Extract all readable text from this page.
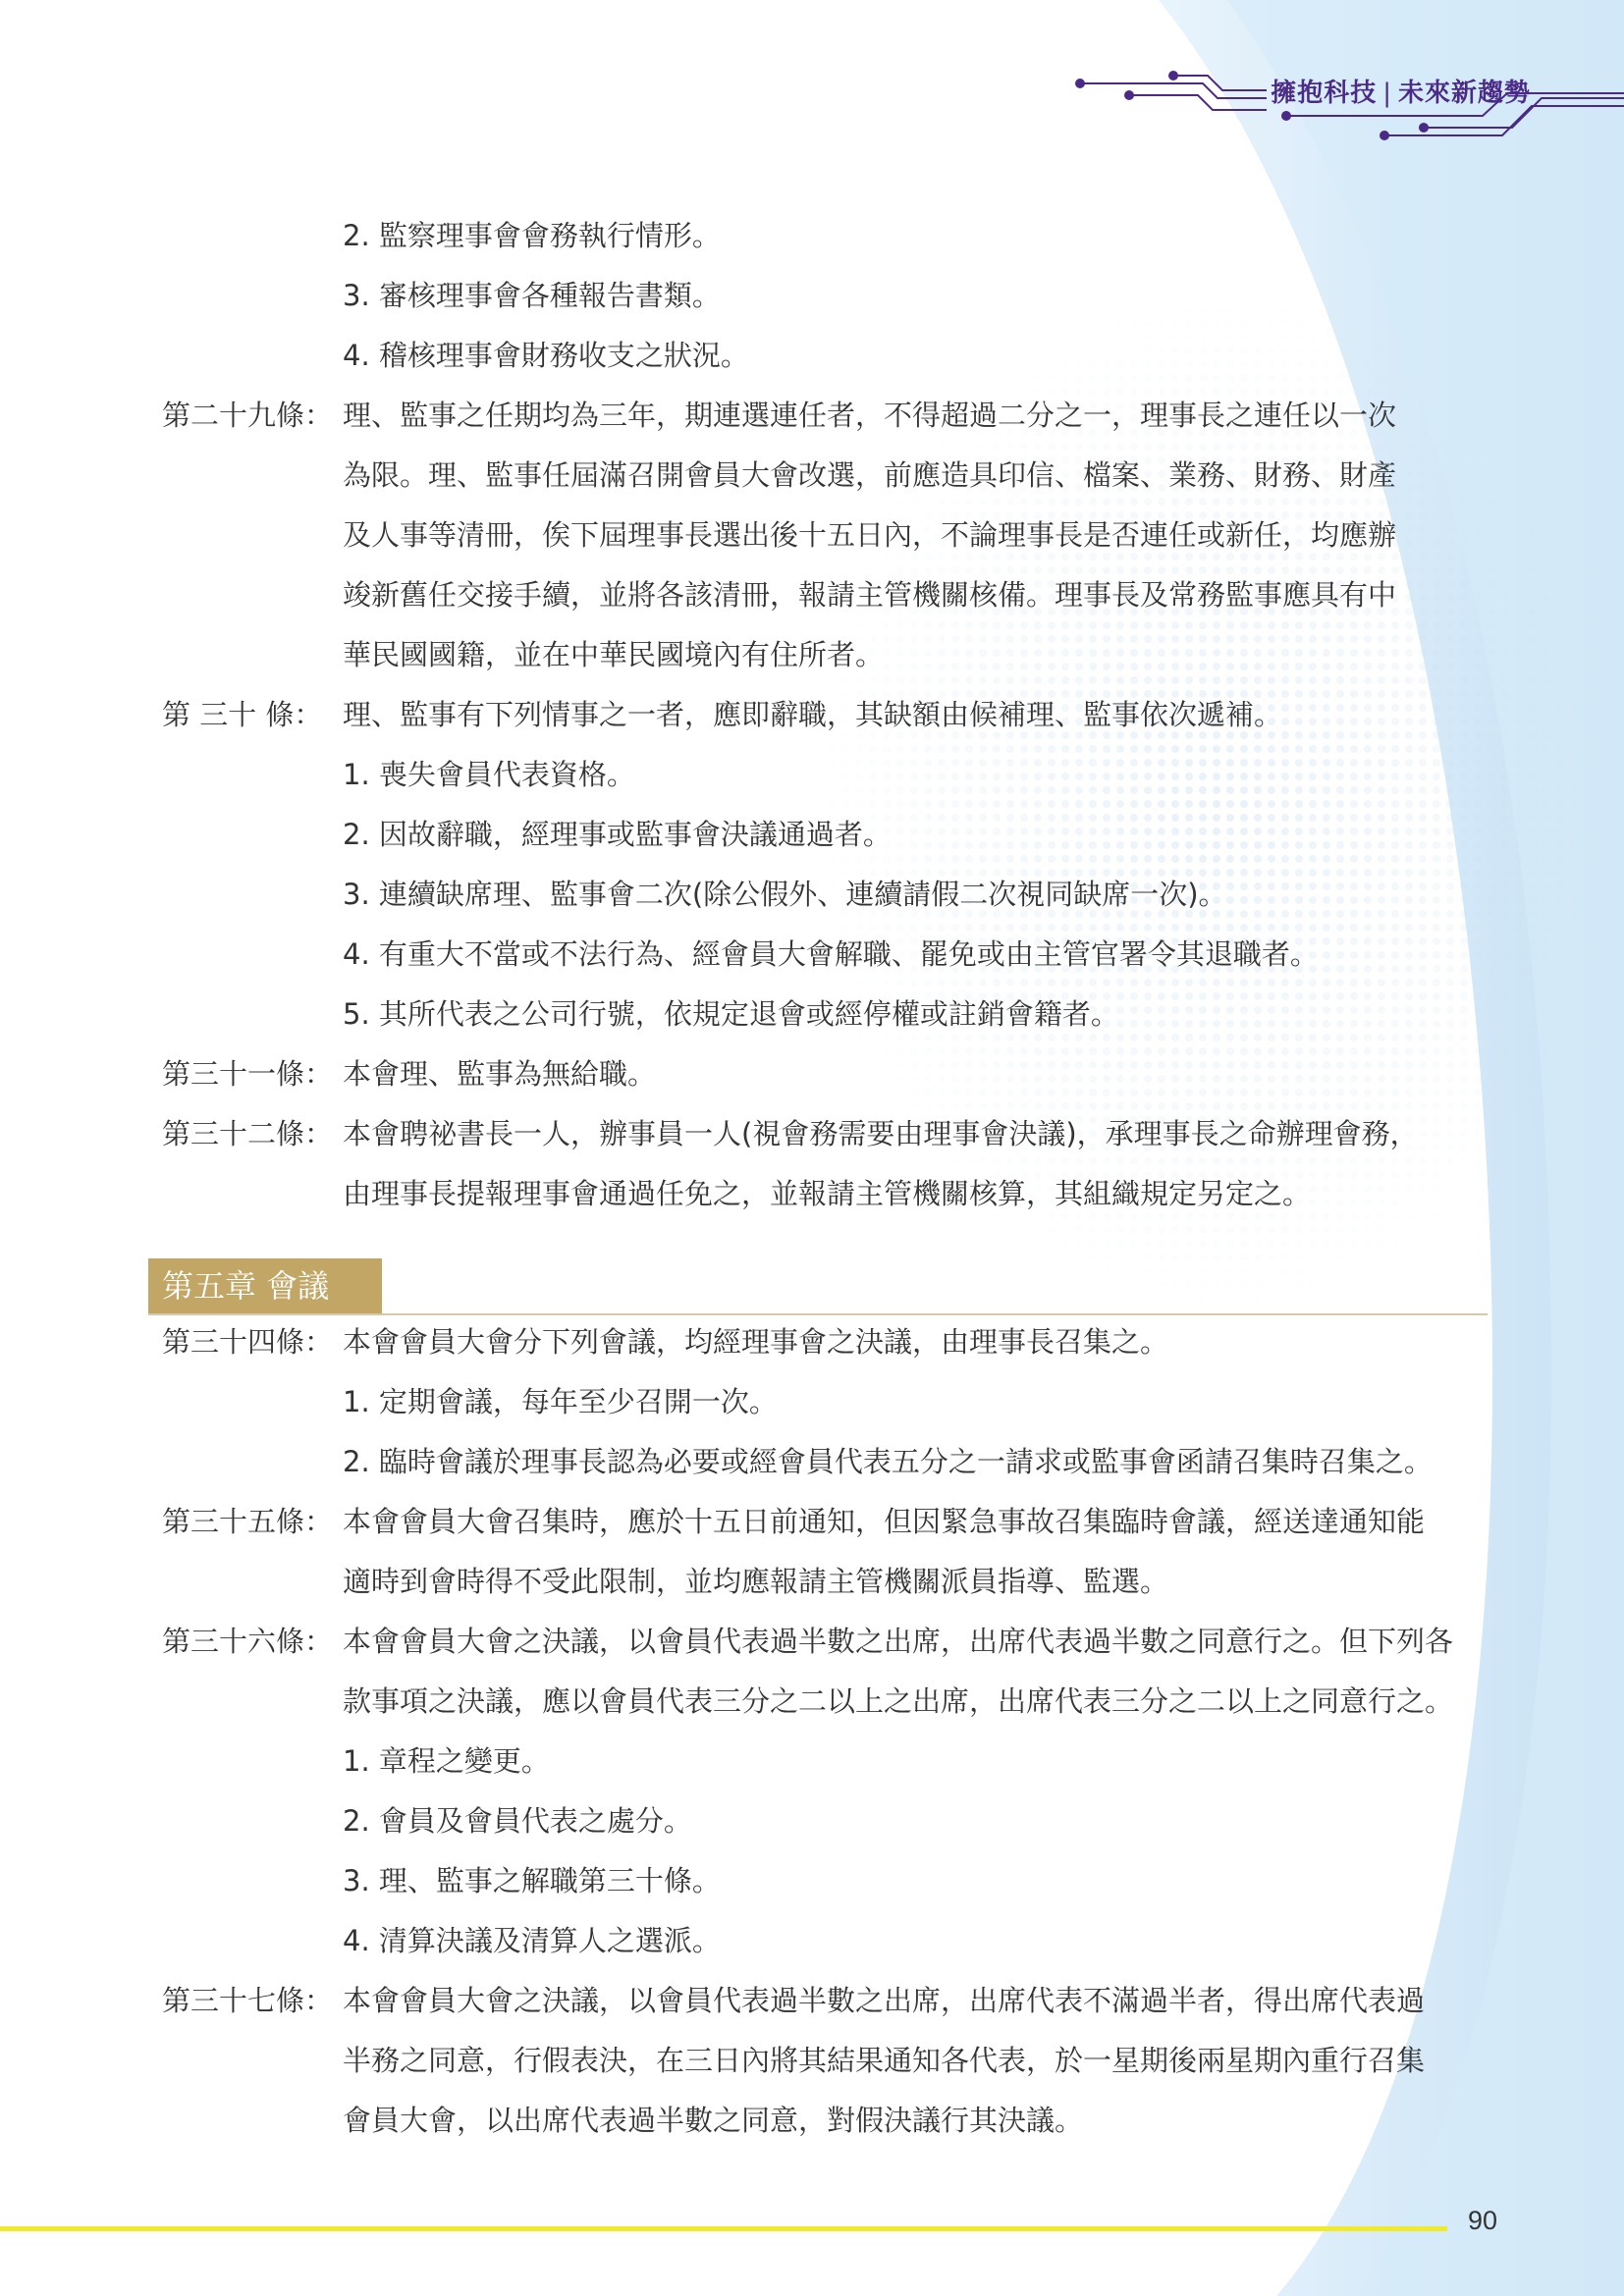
擁抱科技 | 未來新趨勢
2. 監察理事會會務執行情形。
3. 審核理事會各種報告書類。
4. 稽核理事會財務收支之狀況。
第二十九條： 理、監事之任期均為三年，期連選連任者，不得超過二分之一，理事長之連任以一次
為限。理、監事任屆滿召開會員大會改選，前應造具印信、檔案、業務、財務、財產
及人事等清冊，俟下屆理事長選出後十五日內，不論理事長是否連任或新任，均應辦
竣新舊任交接手續，並將各該清冊，報請主管機關核備。理事長及常務監事應具有中
華民國國籍，並在中華民國境內有住所者。
第 三十 條： 理、監事有下列情事之一者，應即辭職，其缺額由候補理、監事依次遞補。
1. 喪失會員代表資格。
2. 因故辭職，經理事或監事會決議通過者。
3. 連續缺席理、監事會二次(除公假外、連續請假二次視同缺席一次)。
4. 有重大不當或不法行為、經會員大會解職、罷免或由主管官署令其退職者。
5. 其所代表之公司行號，依規定退會或經停權或註銷會籍者。
第三十一條： 本會理、監事為無給職。
第三十二條： 本會聘祕書長一人，辦事員一人(視會務需要由理事會決議)，承理事長之命辦理會務，
由理事長提報理事會通過任免之，並報請主管機關核算，其組織規定另定之。
第三十四條： 本會會員大會分下列會議，均經理事會之決議，由理事長召集之。
1. 定期會議，每年至少召開一次。
2. 臨時會議於理事長認為必要或經會員代表五分之一請求或監事會函請召集時召集之。
第三十五條： 本會會員大會召集時，應於十五日前通知，但因緊急事故召集臨時會議，經送達通知能
適時到會時得不受此限制，並均應報請主管機關派員指導、監選。
第三十六條： 本會會員大會之決議，以會員代表過半數之出席，出席代表過半數之同意行之。但下列各
款事項之決議，應以會員代表三分之二以上之出席，出席代表三分之二以上之同意行之。
1. 章程之變更。
2. 會員及會員代表之處分。
3. 理、監事之解職第三十條。
4. 清算決議及清算人之選派。
第三十七條： 本會會員大會之決議，以會員代表過半數之出席，出席代表不滿過半者，得出席代表過
半務之同意，行假表決，在三日內將其結果通知各代表，於一星期後兩星期內重行召集
會員大會，以出席代表過半數之同意，對假決議行其決議。
第五章 會議
90
